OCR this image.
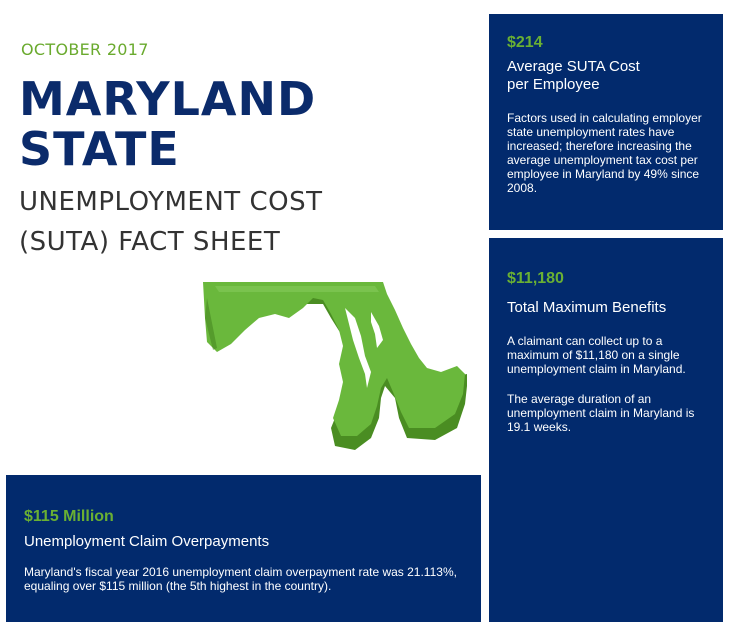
OCTOBER 2017
MARYLAND
STATE
UNEMPLOYMENT COST
(SUTA) FACT SHEET
$214
Average SUTA Cost
per Employee
Factors used in calculating employer state unemployment rates have increased; therefore increasing the average unemployment tax cost per employee in Maryland by 49% since 2008.
$11,180
Total Maximum Benefits
A claimant can collect up to a maximum of $11,180 on a single unemployment claim in Maryland.
The average duration of an unemployment claim in Maryland is 19.1 weeks.
$115 Million
Unemployment Claim Overpayments
Maryland's fiscal year 2016 unemployment claim overpayment rate was 21.113%, equaling over $115 million (the 5th highest in the country).
